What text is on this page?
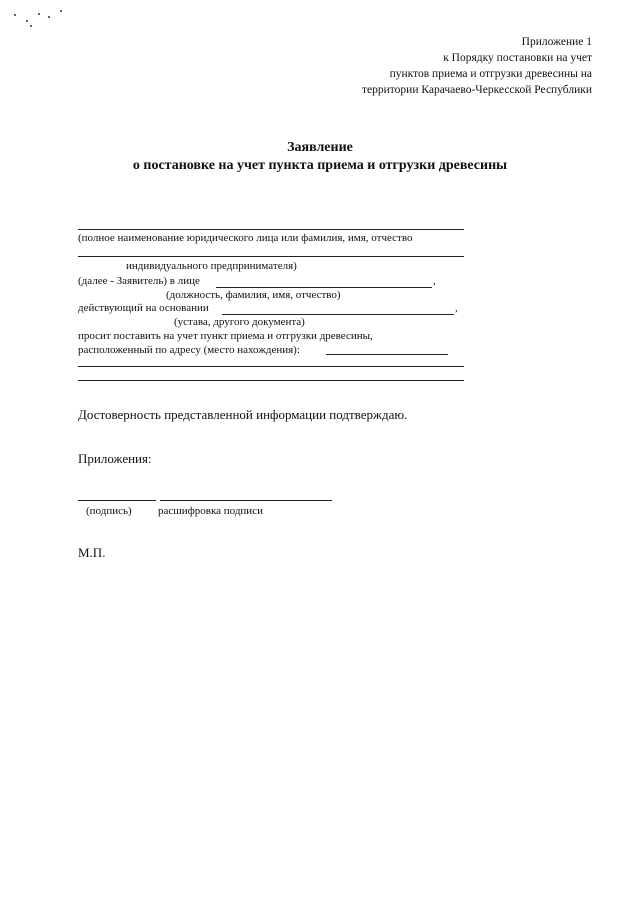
Приложение 1
к Порядку постановки на учет
пунктов приема и отгрузки древесины на
территории Карачаево-Черкесской Республики
Заявление
о постановке на учет пункта приема и отгрузки древесины
(полное наименование юридического лица или фамилия, имя, отчество
индивидуального предпринимателя)
(далее - Заявитель) в лице	,
(должность, фамилия, имя, отчество)
действующий на основании	,
(устава, другого документа)
просит поставить на учет пункт приема и отгрузки древесины,
расположенный по адресу (место нахождения):
Достоверность представленной информации подтверждаю.
Приложения:
(подпись) расшифровка подписи
М.П.
